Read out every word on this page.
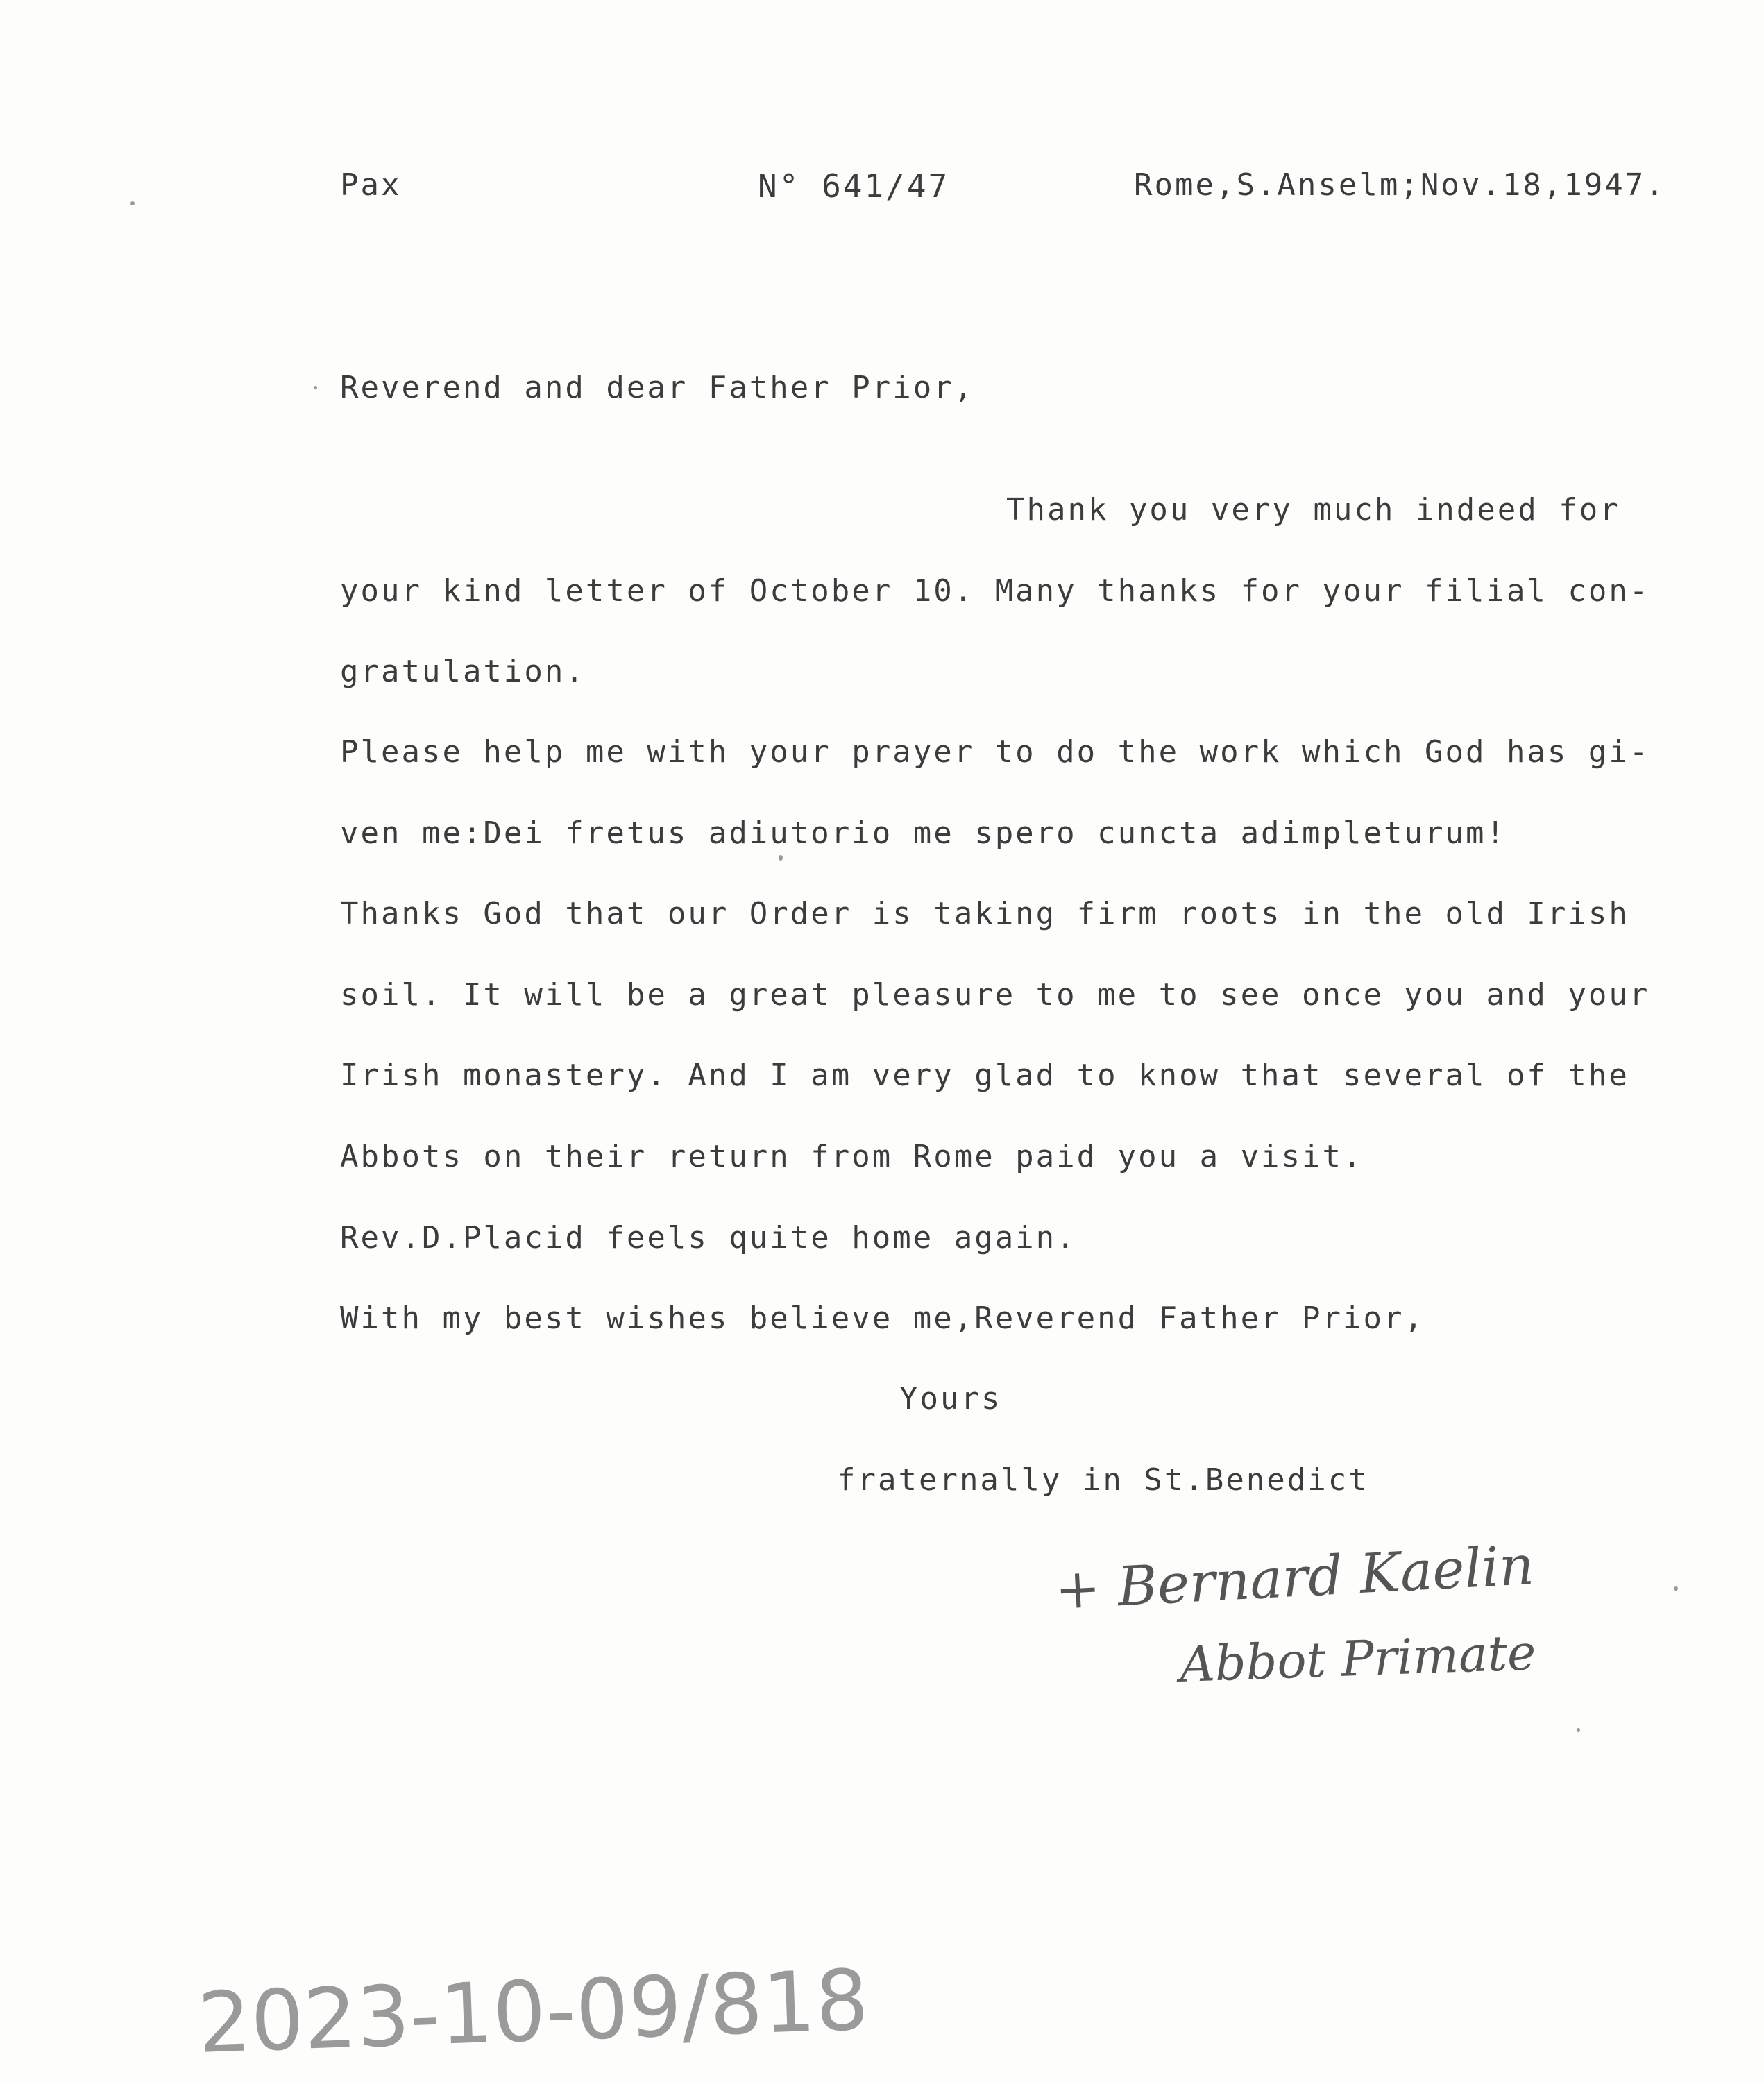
Pax	N° 641/47	Rome,S.Anselm;Nov.18,1947.
Reverend and dear Father Prior,
Thank you very much indeed for
your kind letter of October 10. Many thanks for your filial con-
gratulation.
Please help me with your prayer to do the work which God has gi-
ven me:Dei fretus adiutorio me spero cuncta adimpleturum!
Thanks God that our Order is taking firm roots in the old Irish
soil. It will be a great pleasure to me to see once you and your
Irish monastery. And I am very glad to know that several of the
Abbots on their return from Rome paid you a visit.
Rev.D.Placid feels quite home again.
With my best wishes believe me,Reverend Father Prior,
Yours
fraternally in St.Benedict
+ Bernard Kaelin
Abbot Primate
2023-10-09/818
